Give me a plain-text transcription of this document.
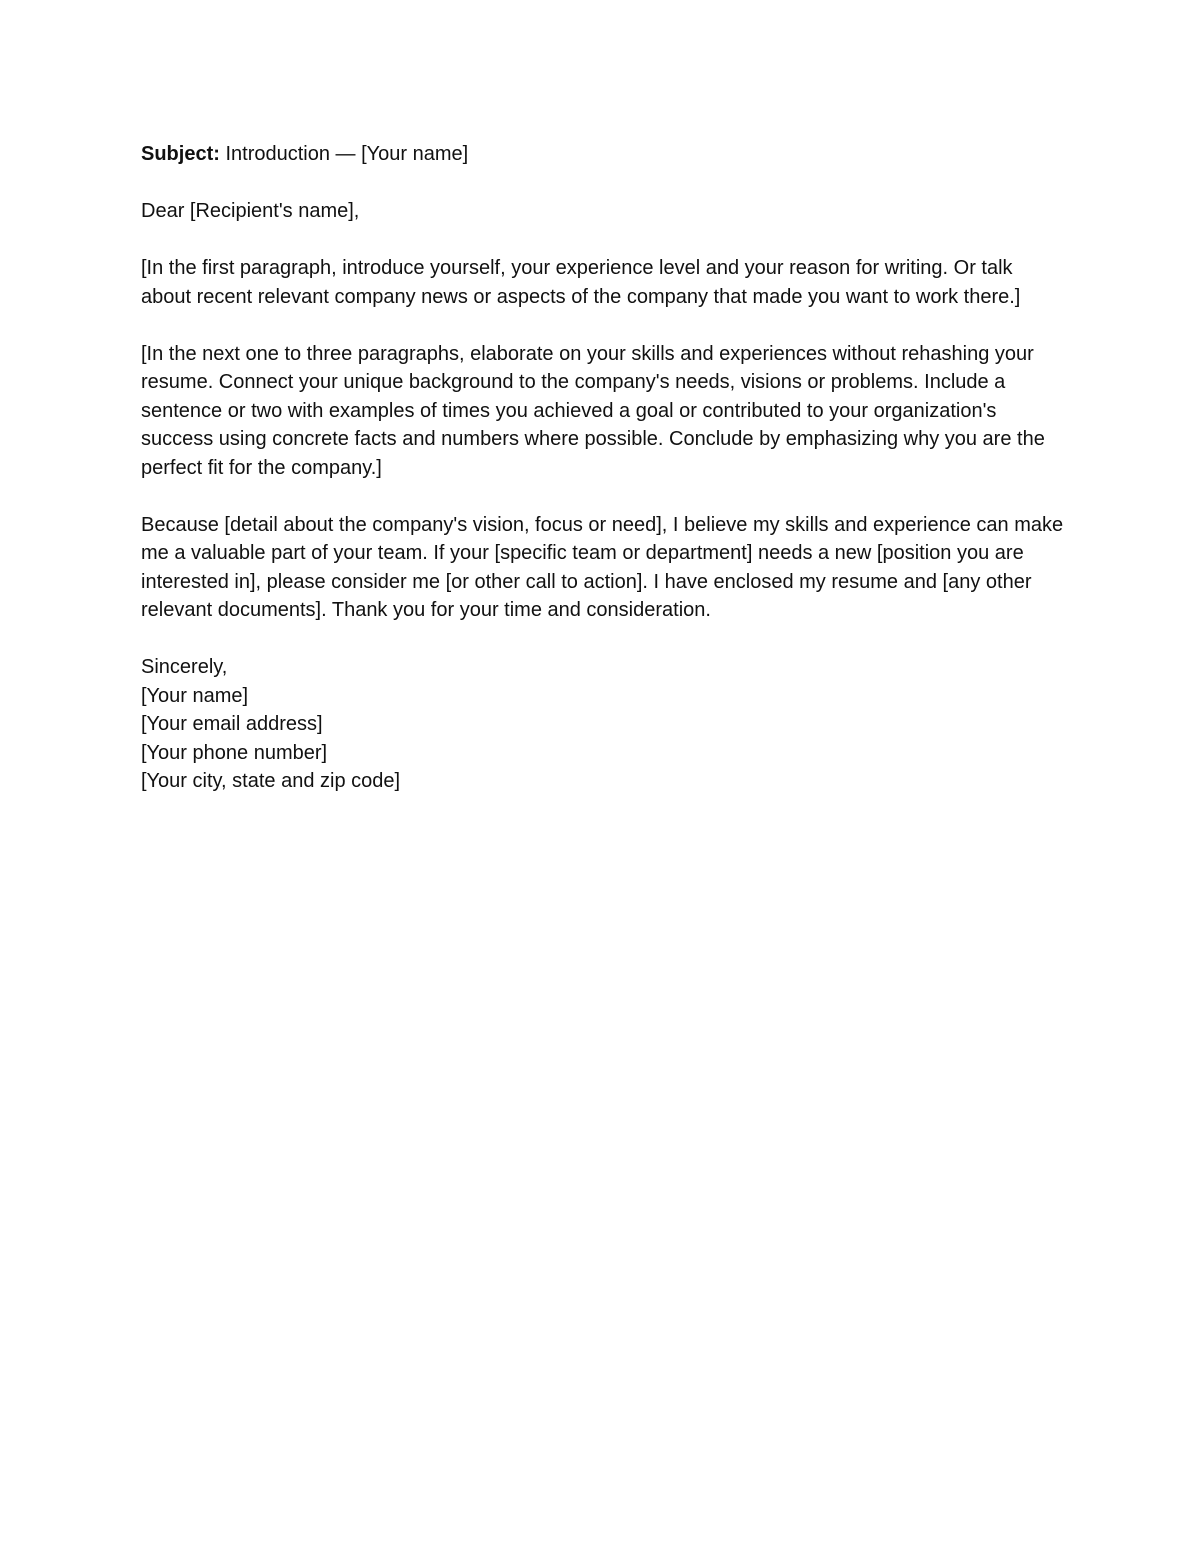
Subject: Introduction — [Your name]

Dear [Recipient's name],

[In the first paragraph, introduce yourself, your experience level and your reason for writing. Or talk about recent relevant company news or aspects of the company that made you want to work there.]

[In the next one to three paragraphs, elaborate on your skills and experiences without rehashing your resume. Connect your unique background to the company's needs, visions or problems. Include a sentence or two with examples of times you achieved a goal or contributed to your organization's success using concrete facts and numbers where possible. Conclude by emphasizing why you are the perfect fit for the company.]

Because [detail about the company's vision, focus or need], I believe my skills and experience can make me a valuable part of your team. If your [specific team or department] needs a new [position you are interested in], please consider me [or other call to action]. I have enclosed my resume and [any other relevant documents]. Thank you for your time and consideration.

Sincerely,
[Your name]
[Your email address]
[Your phone number]
[Your city, state and zip code]
